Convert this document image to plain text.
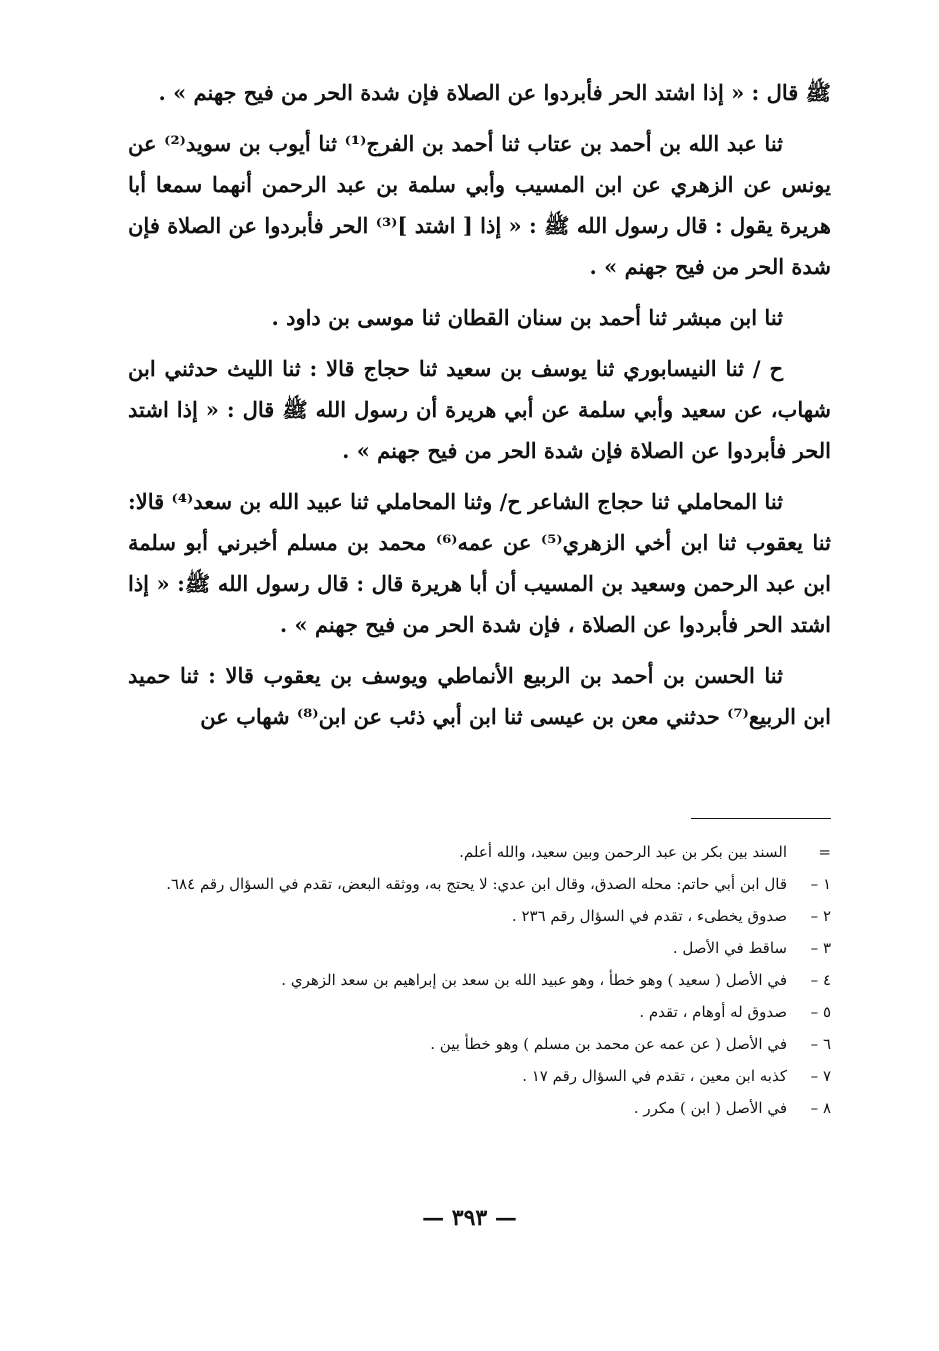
ﷺ قال : « إذا اشتد الحر فأبردوا عن الصلاة فإن شدة الحر من فيح جهنم » .

ثنا عبد الله بن أحمد بن عتاب ثنا أحمد بن الفرج⁽¹⁾ ثنا أيوب بن سويد⁽²⁾ عن يونس عن الزهري عن ابن المسيب وأبي سلمة بن عبد الرحمن أنهما سمعا أبا هريرة يقول : قال رسول الله ﷺ : « إذا [ اشتد ]⁽³⁾ الحر فأبردوا عن الصلاة فإن شدة الحر من فيح جهنم » .

ثنا ابن مبشر ثنا أحمد بن سنان القطان ثنا موسى بن داود .

ح / ثنا النيسابوري ثنا يوسف بن سعيد ثنا حجاج قالا : ثنا الليث حدثني ابن شهاب، عن سعيد وأبي سلمة عن أبي هريرة أن رسول الله ﷺ قال : « إذا اشتد الحر فأبردوا عن الصلاة فإن شدة الحر من فيح جهنم » .

ثنا المحاملي ثنا حجاج الشاعر ح/ وثنا المحاملي ثنا عبيد الله بن سعد⁽⁴⁾ قالا: ثنا يعقوب ثنا ابن أخي الزهري⁽⁵⁾ عن عمه⁽⁶⁾ محمد بن مسلم أخبرني أبو سلمة ابن عبد الرحمن وسعيد بن المسيب أن أبا هريرة قال : قال رسول الله ﷺ: « إذا اشتد الحر فأبردوا عن الصلاة ، فإن شدة الحر من فيح جهنم » .

ثنا الحسن بن أحمد بن الربيع الأنماطي ويوسف بن يعقوب قالا : ثنا حميد ابن الربيع⁽⁷⁾ حدثني معن بن عيسى ثنا ابن أبي ذئب عن ابن⁽⁸⁾ شهاب عن

=
السند بين بكر بن عبد الرحمن وبين سعيد، والله أعلم.
١ –
قال ابن أبي حاتم: محله الصدق، وقال ابن عدي: لا يحتج به، ووثقه البعض، تقدم في السؤال رقم ٦٨٤.
٢ –
صدوق يخطىء ، تقدم في السؤال رقم ٢٣٦ .
٣ –
ساقط في الأصل .
٤ –
في الأصل ( سعيد ) وهو خطأ ، وهو عبيد الله بن سعد بن إبراهيم بن سعد الزهري .
٥ –
صدوق له أوهام ، تقدم .
٦ –
في الأصل ( عن عمه عن محمد بن مسلم ) وهو خطأ بين .
٧ –
كذبه ابن معين ، تقدم في السؤال رقم ١٧ .
٨ –
في الأصل ( ابن ) مكرر .
— ٣٩٣ —
